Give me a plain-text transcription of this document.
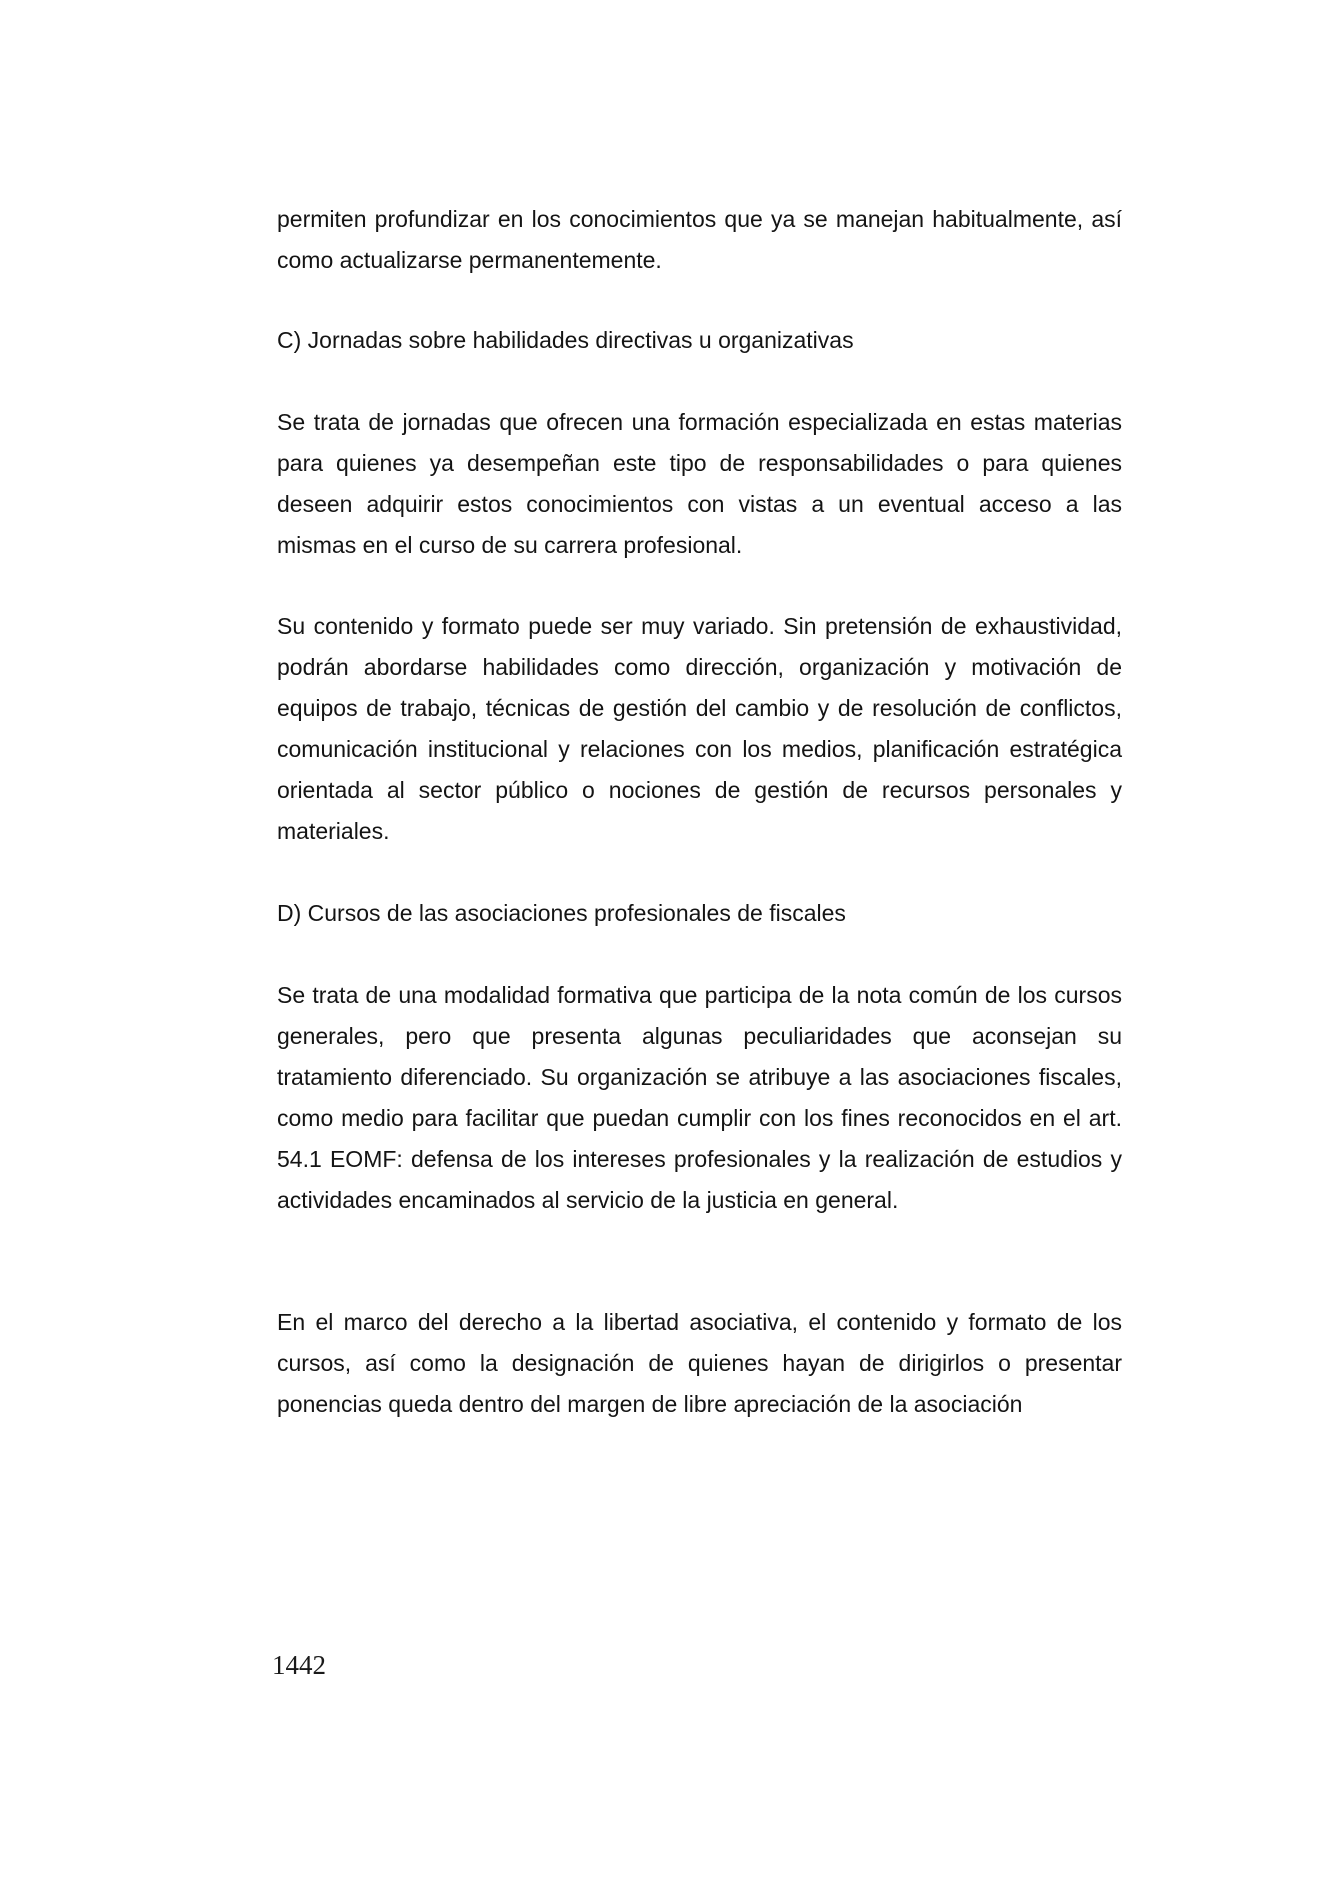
permiten profundizar en los conocimientos que ya se manejan habitualmente, así como actualizarse permanentemente.

C) Jornadas sobre habilidades directivas u organizativas

Se trata de jornadas que ofrecen una formación especializada en estas materias para quienes ya desempeñan este tipo de responsabilidades o para quienes deseen adquirir estos conocimientos con vistas a un eventual acceso a las mismas en el curso de su carrera profesional.

Su contenido y formato puede ser muy variado. Sin pretensión de exhaustividad, podrán abordarse habilidades como dirección, organización y motivación de equipos de trabajo, técnicas de gestión del cambio y de resolución de conflictos, comunicación institucional y relaciones con los medios, planificación estratégica orientada al sector público o nociones de gestión de recursos personales y materiales.

D) Cursos de las asociaciones profesionales de fiscales

Se trata de una modalidad formativa que participa de la nota común de los cursos generales, pero que presenta algunas peculiaridades que aconsejan su tratamiento diferenciado. Su organización se atribuye a las asociaciones fiscales, como medio para facilitar que puedan cumplir con los fines reconocidos en el art. 54.1 EOMF: defensa de los intereses profesionales y la realización de estudios y actividades encaminados al servicio de la justicia en general.

En el marco del derecho a la libertad asociativa, el contenido y formato de los cursos, así como la designación de quienes hayan de dirigirlos o presentar ponencias queda dentro del margen de libre apreciación de la asociación

1442
